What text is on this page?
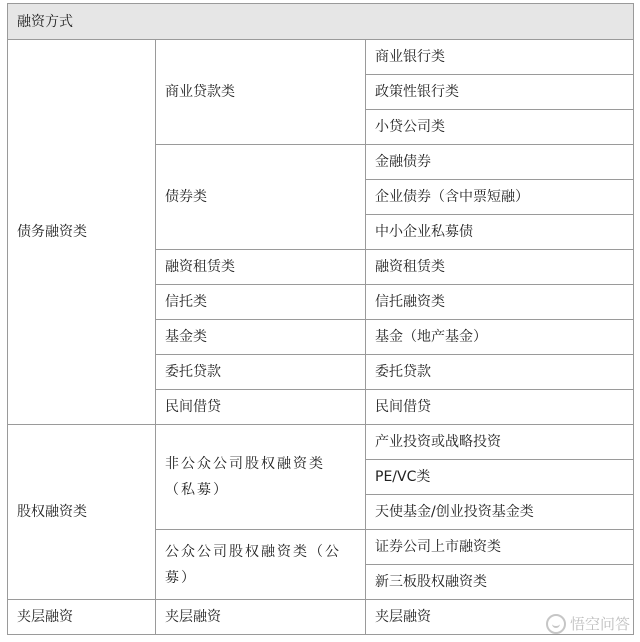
融资方式		
债务融资类	商业贷款类	商业银行类
		政策性银行类
		小贷公司类
	债券类	金融债券
		企业债券（含中票短融）
		中小企业私募债
	融资租赁类	融资租赁类
	信托类	信托融资类
	基金类	基金（地产基金）
	委托贷款	委托贷款
	民间借贷	民间借贷
股权融资类	非公众公司股权融资类（私募）	产业投资或战略投资
		PE/VC类
		天使基金/创业投资基金类
	公众公司股权融资类（公募）	证券公司上市融资类
		新三板股权融资类
夹层融资	夹层融资	夹层融资	悟空问答
